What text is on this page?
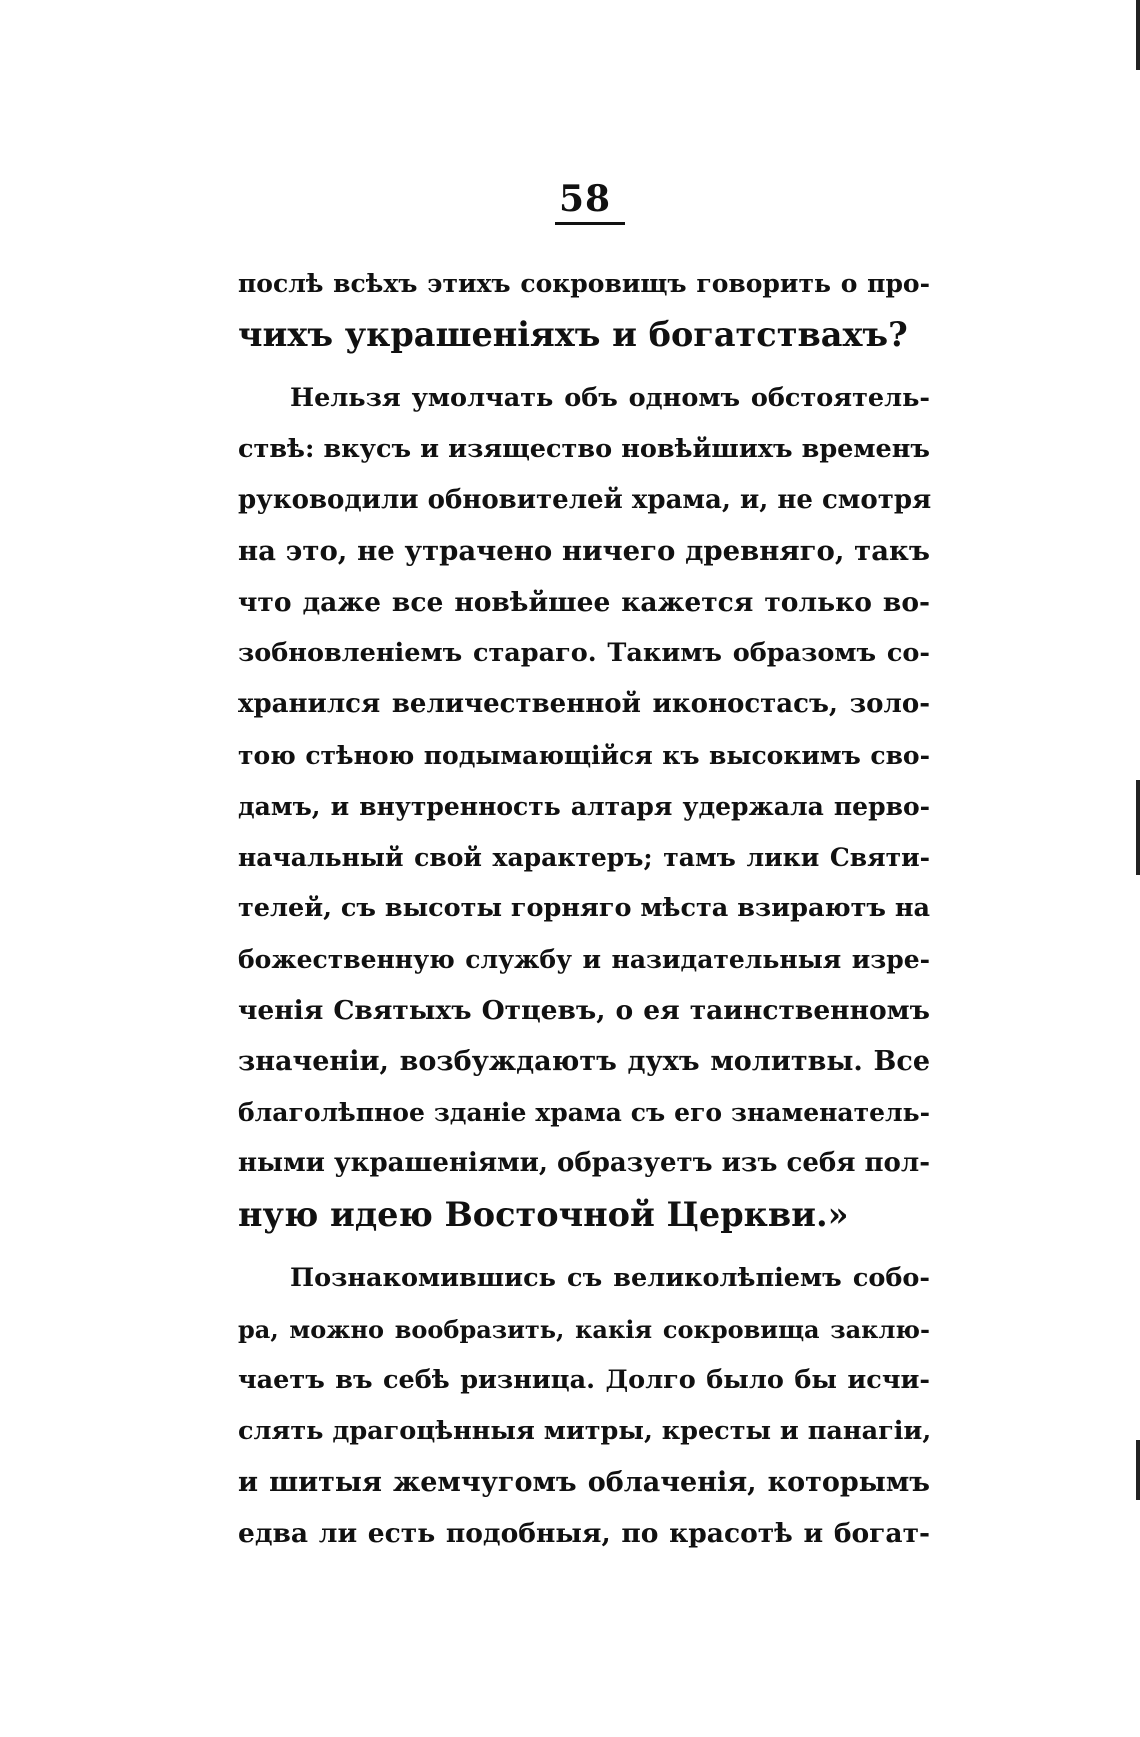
58
послѣ всѣхъ этихъ сокровищъ говорить о про-
чихъ украшеніяхъ и богатствахъ?
Нельзя умолчать объ одномъ обстоятель-
ствѣ: вкусъ и изящество новѣйшихъ временъ
руководили обновителей храма, и, не смотря
на это, не утрачено ничего древняго, такъ
что даже все новѣйшее кажется только во-
зобновленіемъ стараго. Такимъ образомъ со-
хранился величественной иконостасъ, золо-
тою стѣною подымающійся къ высокимъ сво-
дамъ, и внутренность алтаря удержала перво-
начальный свой характеръ; тамъ лики Святи-
телей, съ высоты горняго мѣста взираютъ на
божественную службу и назидательныя изре-
ченія Святыхъ Отцевъ, о ея таинственномъ
значеніи, возбуждаютъ духъ молитвы. Все
благолѣпное зданіе храма съ его знаменатель-
ными украшеніями, образуетъ изъ себя пол-
ную идею Восточной Церкви.»
Познакомившись съ великолѣпіемъ собо-
ра, можно вообразить, какія сокровища заклю-
чаетъ въ себѣ ризница. Долго было бы исчи-
слять драгоцѣнныя митры, кресты и панагіи,
и шитыя жемчугомъ облаченія, которымъ
едва ли есть подобныя, по красотѣ и богат-
